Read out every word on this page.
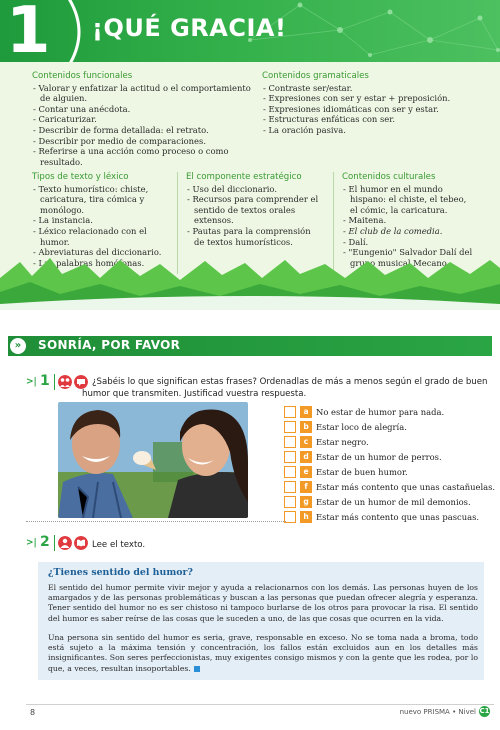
1 ¡QUÉ GRACIA!
Contenidos funcionales
- Valorar y enfatizar la actitud o el comportamiento
de alguien.
- Contar una anécdota.
- Caricaturizar.
- Describir de forma detallada: el retrato.
- Describir por medio de comparaciones.
- Referirse a una acción como proceso o como resultado.
Contenidos gramaticales
- Contraste ser/estar.
- Expresiones con ser y estar + preposición.
- Expresiones idiomáticas con ser y estar.
- Estructuras enfáticas con ser.
- La oración pasiva.
Tipos de texto y léxico
- Texto humorístico: chiste,
caricatura, tira cómica y monólogo.
- La instancia.
- Léxico relacionado con el humor.
- Abreviaturas del diccionario.
- Las palabras homófonas.
El componente estratégico
- Uso del diccionario.
- Recursos para comprender el
sentido de textos orales extensos.
- Pautas para la comprensión
de textos humorísticos.
Contenidos culturales
- El humor en el mundo
hispano: el chiste, el tebeo,
el cómic, la caricatura.
- Maitena.
- El club de la comedia.
- Dalí.
- "Eungenio" Salvador Dalí del
grupo musical Mecano.
»	SONRÍA, POR FAVOR
>| 1	¿Sabéis lo que significan estas frases? Ordenadlas de más a menos según el grado de buen
humor que transmiten. Justificad vuestra respuesta.
a No estar de humor para nada.
b Estar loco de alegría.
c Estar negro.
d Estar de un humor de perros.
e Estar de buen humor.
f Estar más contento que unas castañuelas.
g Estar de un humor de mil demonios.
h Estar más contento que unas pascuas.
>| 2	Lee el texto.
¿Tienes sentido del humor?

El sentido del humor permite vivir mejor y ayuda a relacionarnos con los demás. Las personas huyen de los amargados y de las personas problemáticas y buscan a las personas que puedan ofrecer alegría y esperanza. Tener sentido del humor no es ser chistoso ni tampoco burlarse de los otros para provocar la risa. El sentido del humor es saber reírse de las cosas que le suceden a uno, de las que cosas que ocurren en la vida.

Una persona sin sentido del humor es seria, grave, responsable en exceso. No se toma nada a broma, todo está sujeto a la máxima tensión y concentración, los fallos están excluidos aun en los detalles más insignificantes. Son seres perfeccionistas, muy exigentes consigo mismos y con la gente que les rodea, por lo que, a veces, resultan insoportables.

8	nuevo PRISMA • Nivel C1
